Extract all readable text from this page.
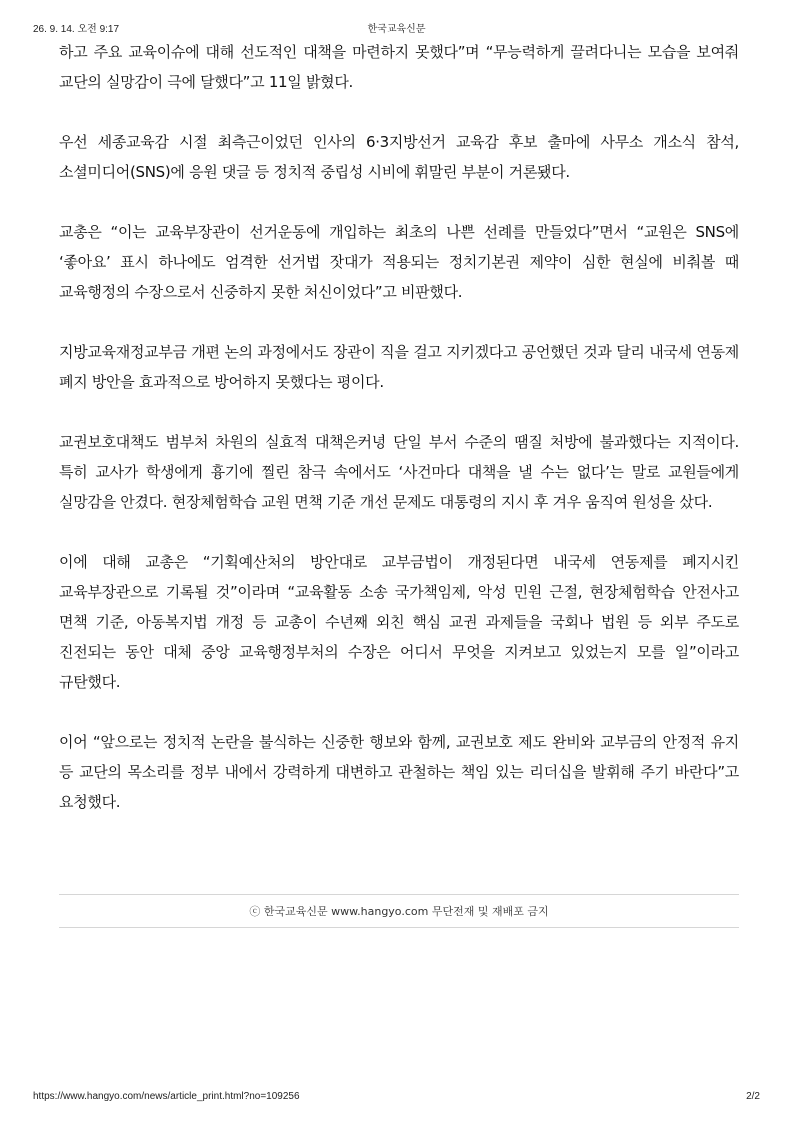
26. 9. 14. 오전 9:17	한국교육신문

하고 주요 교육이슈에 대해 선도적인 대책을 마련하지 못했다”며 “무능력하게 끌려다니는 모습을 보여줘 교단의 실망감이 극에 달했다”고 11일 밝혔다.

우선 세종교육감 시절 최측근이었던 인사의 6·3지방선거 교육감 후보 출마에 사무소 개소식 참석, 소셜미디어(SNS)에 응원 댓글 등 정치적 중립성 시비에 휘말린 부분이 거론됐다.

교총은 “이는 교육부장관이 선거운동에 개입하는 최초의 나쁜 선례를 만들었다”면서 “교원은 SNS에 ‘좋아요’ 표시 하나에도 엄격한 선거법 잣대가 적용되는 정치기본권 제약이 심한 현실에 비춰볼 때 교육행정의 수장으로서 신중하지 못한 처신이었다”고 비판했다.

지방교육재정교부금 개편 논의 과정에서도 장관이 직을 걸고 지키겠다고 공언했던 것과 달리 내국세 연동제 폐지 방안을 효과적으로 방어하지 못했다는 평이다.

교권보호대책도 범부처 차원의 실효적 대책은커녕 단일 부서 수준의 땜질 처방에 불과했다는 지적이다. 특히 교사가 학생에게 흉기에 찔린 참극 속에서도 ‘사건마다 대책을 낼 수는 없다’는 말로 교원들에게 실망감을 안겼다. 현장체험학습 교원 면책 기준 개선 문제도 대통령의 지시 후 겨우 움직여 원성을 샀다.

이에 대해 교총은 “기획예산처의 방안대로 교부금법이 개정된다면 내국세 연동제를 폐지시킨 교육부장관으로 기록될 것”이라며 “교육활동 소송 국가책임제, 악성 민원 근절, 현장체험학습 안전사고 면책 기준, 아동복지법 개정 등 교총이 수년째 외친 핵심 교권 과제들을 국회나 법원 등 외부 주도로 진전되는 동안 대체 중앙 교육행정부처의 수장은 어디서 무엇을 지켜보고 있었는지 모를 일”이라고 규탄했다.

이어 “앞으로는 정치적 논란을 불식하는 신중한 행보와 함께, 교권보호 제도 완비와 교부금의 안정적 유지 등 교단의 목소리를 정부 내에서 강력하게 대변하고 관철하는 책임 있는 리더십을 발휘해 주기 바란다”고 요청했다.

ⓒ 한국교육신문 www.hangyo.com 무단전재 및 재배포 금지
https://www.hangyo.com/news/article_print.html?no=109256	2/2
